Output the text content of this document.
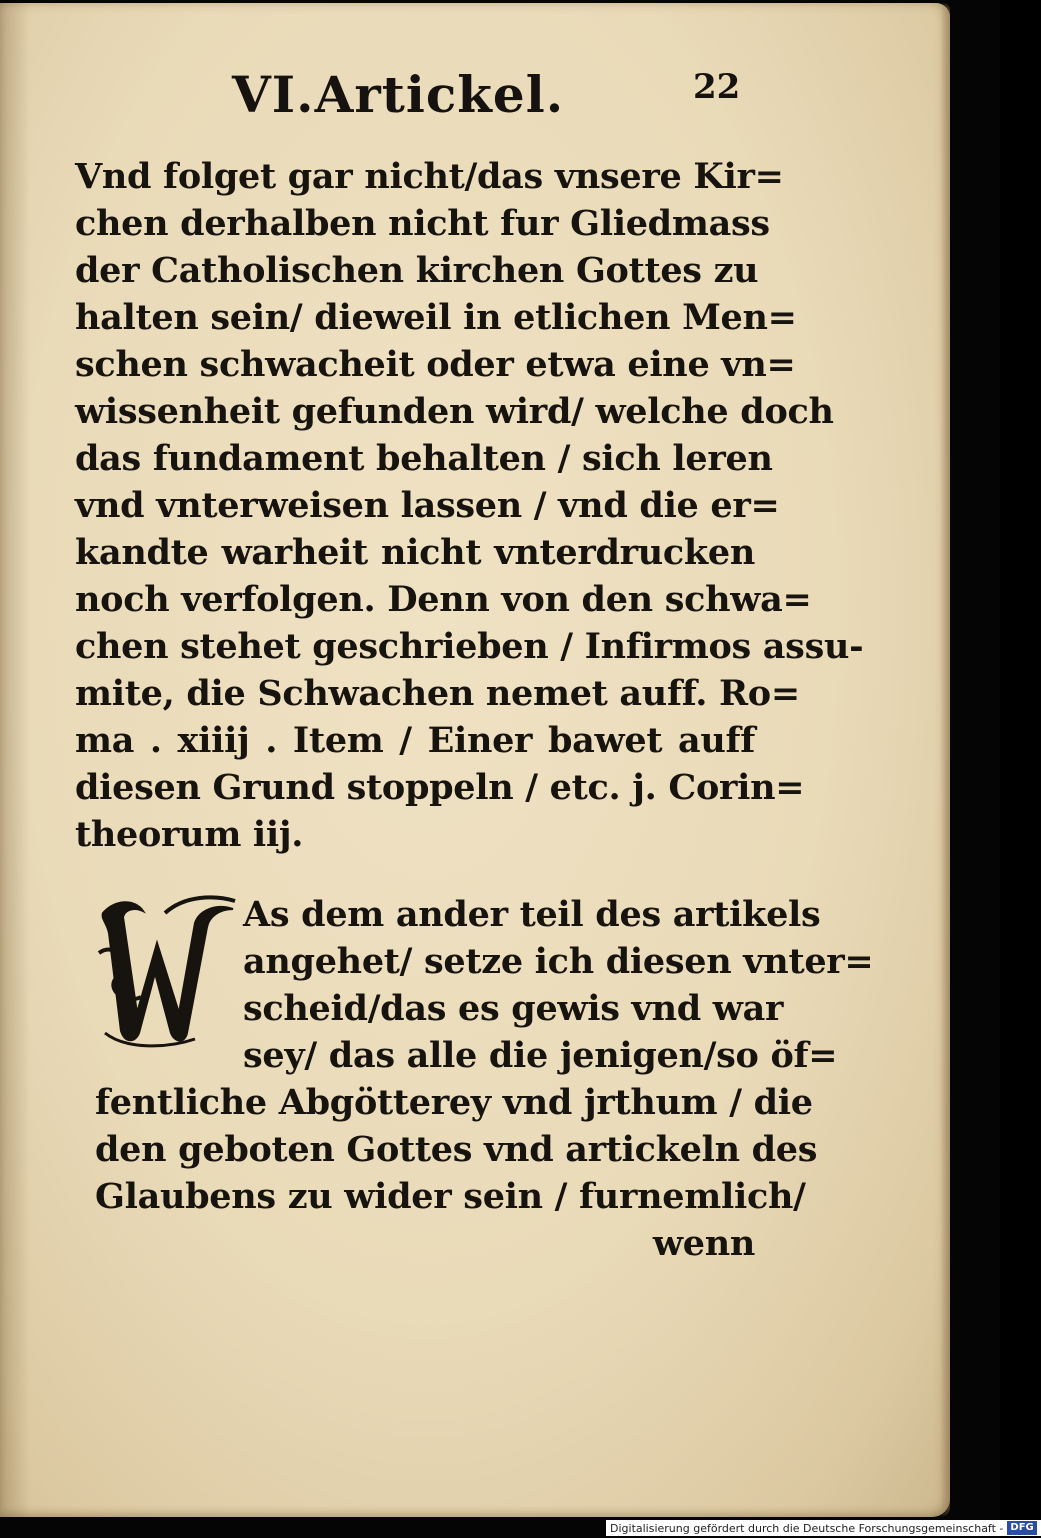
VI.Artickel.	22
Vnd folget gar nicht/das vnsere Kir=
chen derhalben nicht fur Gliedmass
der Catholischen kirchen Gottes zu
halten sein/ dieweil in etlichen Men=
schen schwacheit oder etwa eine vn=
wissenheit gefunden wird/ welche doch
das fundament behalten / sich leren
vnd vnterweisen lassen / vnd die er=
kandte warheit nicht vnterdrucken
noch verfolgen. Denn von den schwa=
chen stehet geschrieben / Infirmos assu-
mite, die Schwachen nemet auff. Ro=
ma . xiiij . Item / Einer bawet auff
diesen Grund stoppeln / etc. j. Corin=
theorum iij.
W
As dem ander teil des artikels
angehet/ setze ich diesen vnter=
scheid/das es gewis vnd war
sey/ das alle die jenigen/so öf=
fentliche Abgötterey vnd jrthum / die
den geboten Gottes vnd artickeln des
Glaubens zu wider sein / furnemlich/
wenn
Digitalisierung gefördert durch die Deutsche Forschungsgemeinschaft - DFG
